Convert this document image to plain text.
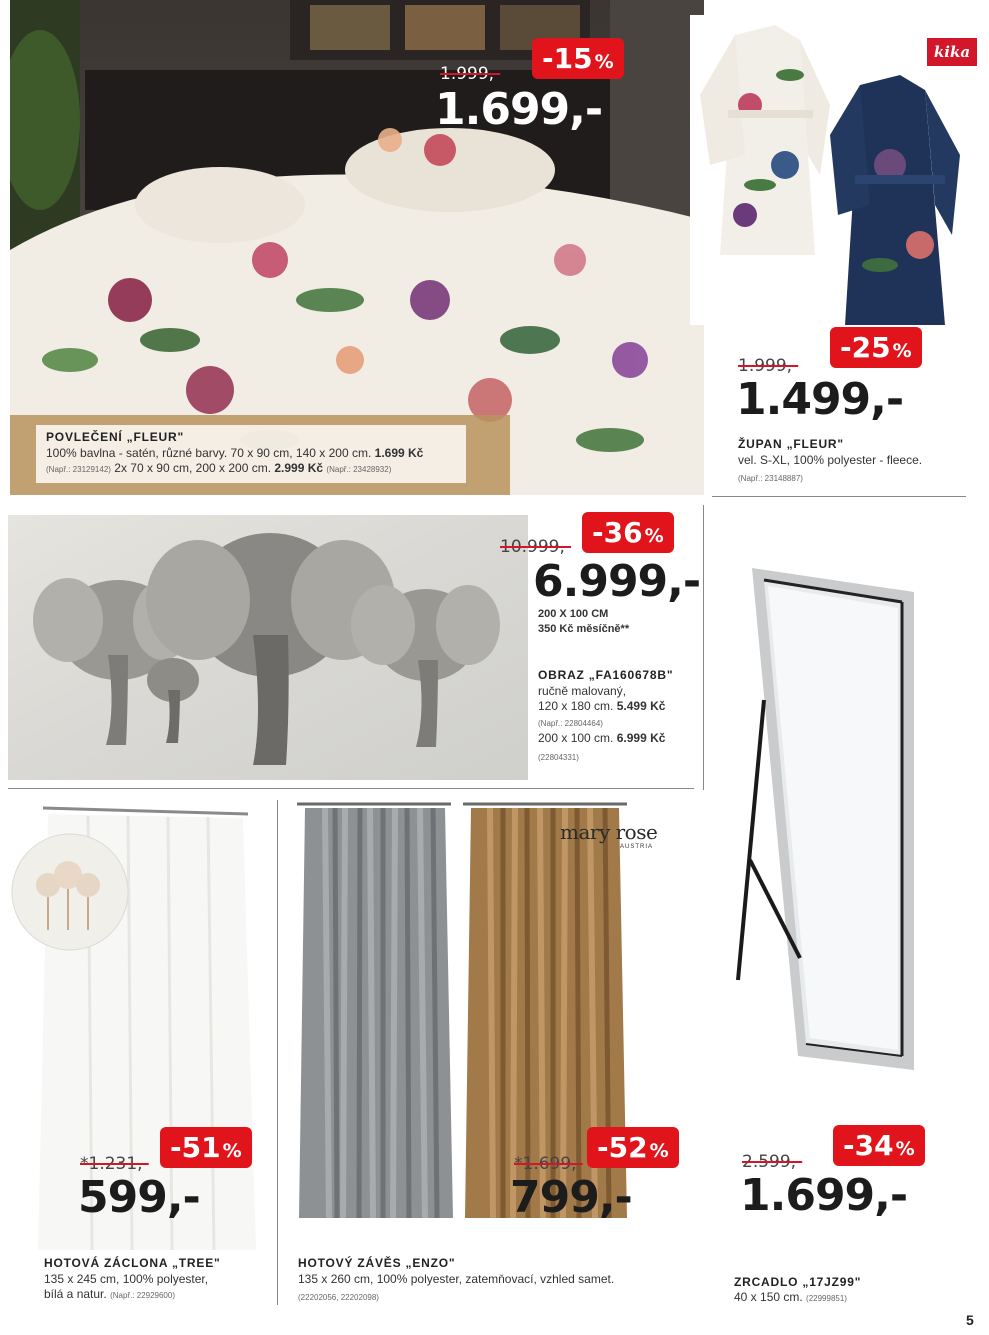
1.999,-
1.699,-
-15 %
POVLEČENÍ „FLEUR"
100% bavlna - satén, různé barvy. 70 x 90 cm, 140 x 200 cm. 1.699 Kč
(Např.: 23129142) 2x 70 x 90 cm, 200 x 200 cm. 2.999 Kč (Např.: 23428932)
kika
1.999,-
1.499,-
-25 %
ŽUPAN „FLEUR"
vel. S-XL, 100% polyester - fleece.
(Např.: 23148887)
10.999,-
6.999,-
-36 %
200 X 100 CM
350 Kč měsíčně**
OBRAZ „FA160678B"
ručně malovaný,
120 x 180 cm. 5.499 Kč
(Např.: 22804464)
200 x 100 cm. 6.999 Kč
(22804331)
2.599,-
1.699,-
-34 %
ZRCADLO „17JZ99"
40 x 150 cm. (22999851)
*1.231,-
599,-
-51 %
HOTOVÁ ZÁCLONA „TREE"
135 x 245 cm, 100% polyester,
bílá a natur. (Např.: 22929600)
mary rose
AUSTRIA
*1.699,-
799,-
-52 %
HOTOVÝ ZÁVĚS „ENZO"
135 x 260 cm, 100% polyester, zatemňovací, vzhled samet.
(22202056, 22202098)
5
